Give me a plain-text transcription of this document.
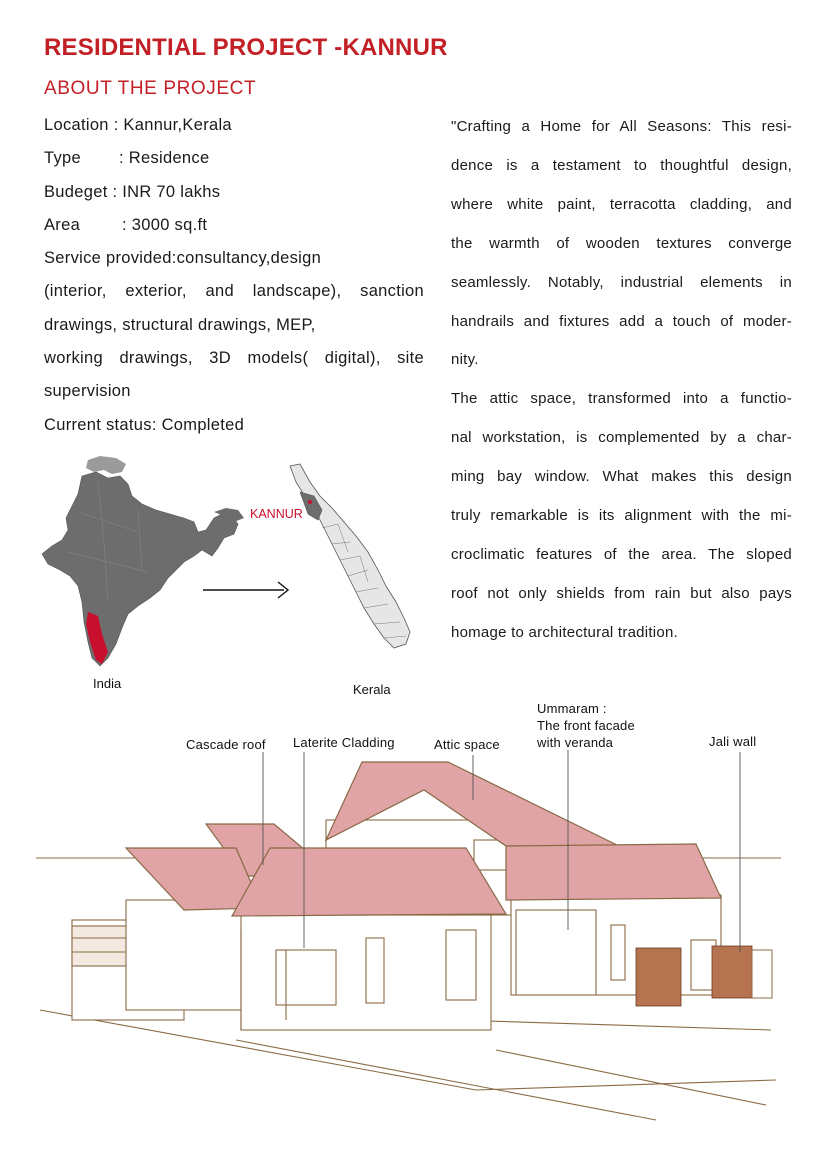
RESIDENTIAL PROJECT -KANNUR
ABOUT THE PROJECT
Location : Kannur,Kerala
Type : Residence
Budeget : INR 70 lakhs
Area	: 3000 sq.ft
Service provided:consultancy,design
(interior, exterior, and landscape), sanction
drawings, structural drawings, MEP,
working drawings, 3D models( digital), site
supervision
Current status: Completed
"Crafting a Home for All Seasons: This resi-
dence is a testament to thoughtful design,
where white paint, terracotta cladding, and
the warmth of wooden textures converge
seamlessly. Notably, industrial elements in
handrails and fixtures add a touch of moder-
nity.
The attic space, transformed into a functio-
nal workstation, is complemented by a char-
ming bay window. What makes this design
truly remarkable is its alignment with the mi-
croclimatic features of the area. The sloped
roof not only shields from rain but also pays
homage to architectural tradition.
KANNUR
India	Kerala
Cascade roof Laterite Cladding	Attic space
Ummaram :
The front facade
with veranda	Jali wall
